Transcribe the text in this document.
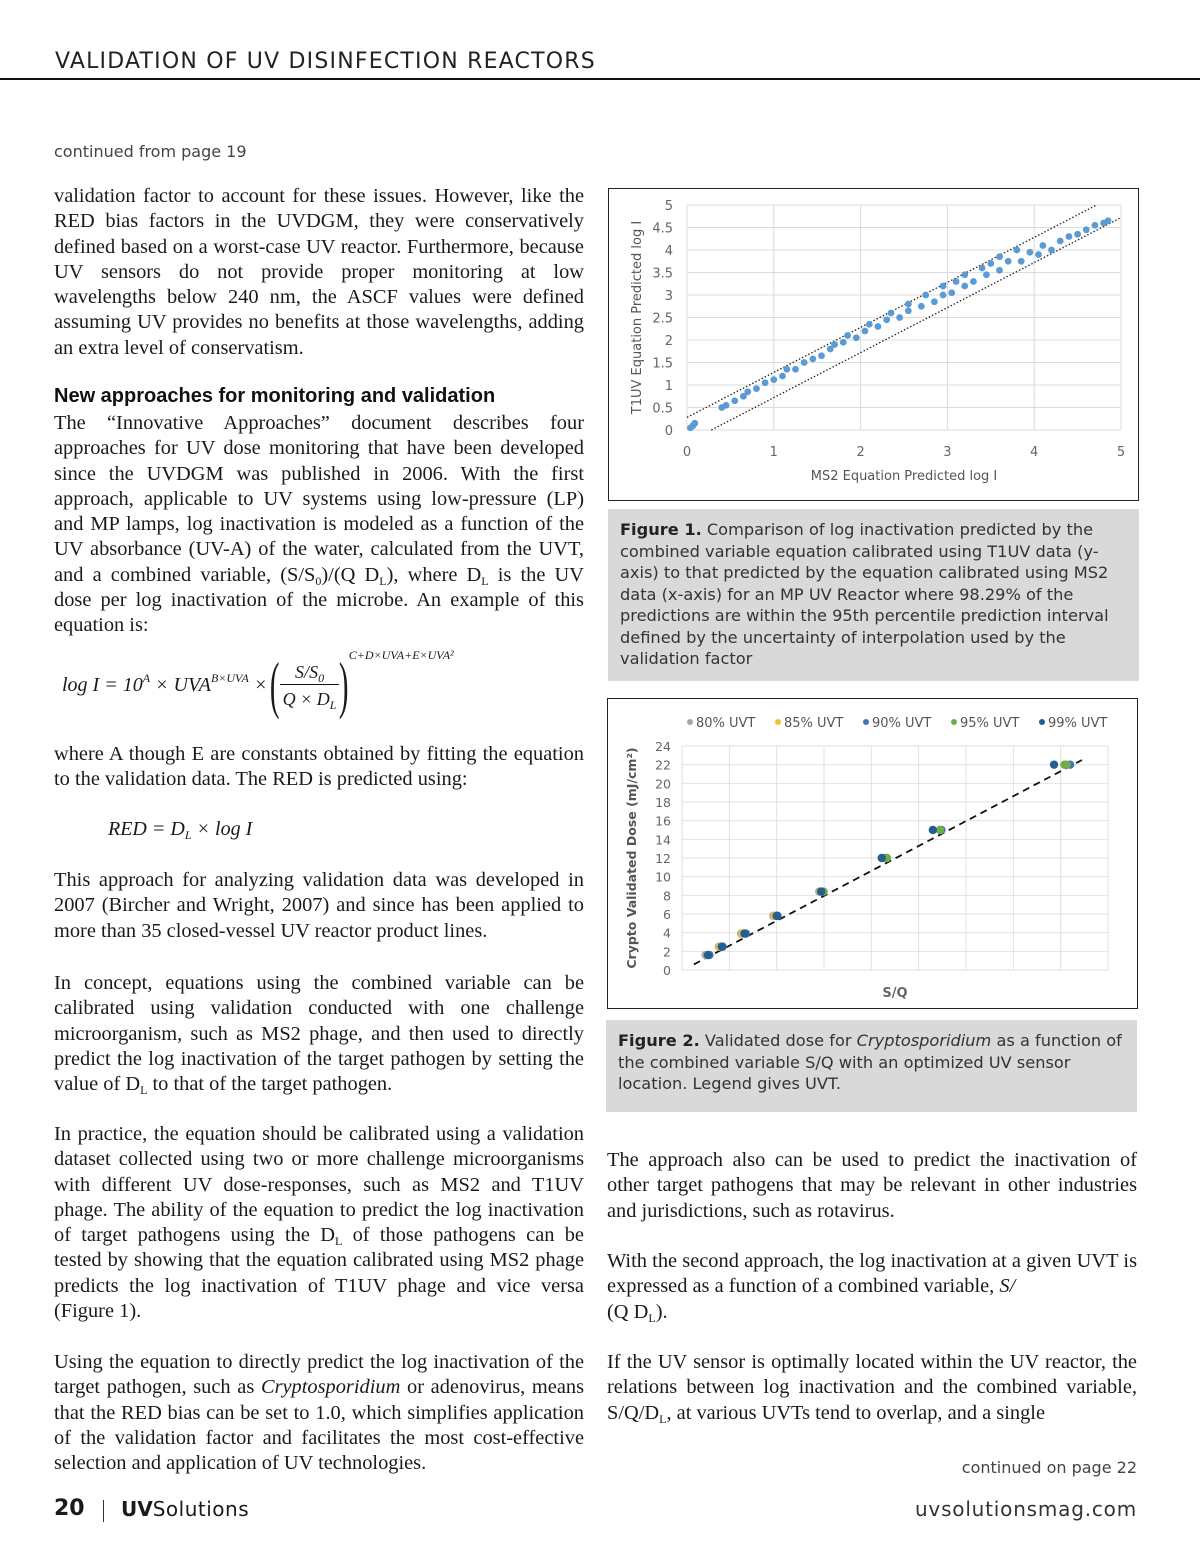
VALIDATION OF UV DISINFECTION REACTORS
continued from page 19
validation factor to account for these issues. However, like the RED bias factors in the UVDGM, they were conservatively defined based on a worst-case UV reactor. Furthermore, because UV sensors do not provide proper monitoring at low wavelengths below 240 nm, the ASCF values were defined assuming UV provides no benefits at those wavelengths, adding an extra level of conservatism.
New approaches for monitoring and validation
The “Innovative Approaches” document describes four approaches for UV dose monitoring that have been developed since the UVDGM was published in 2006. With the first approach, applicable to UV systems using low-pressure (LP) and MP lamps, log inactivation is modeled as a function of the UV absorbance (UV-A) of the water, calculated from the UVT, and a combined variable, $(S/S_0)/(Q$ $D_L$), where $D_L$ is the UV dose per log inactivation of the microbe. An example of this equation is:
$\log I = 10^A \times UVA^{B\times UVA}$ × ( $\frac{S/S_0}{Q \times D_L}$ ) C+D×UVA+E×UVA²
where A though E are constants obtained by fitting the equation to the validation data. The RED is predicted using:
RED = $D_L \times \log I$
This approach for analyzing validation data was developed in 2007 (Bircher and Wright, 2007) and since has been applied to more than 35 closed-vessel UV reactor product lines.
In concept, equations using the combined variable can be calibrated using validation conducted with one challenge microorganism, such as MS2 phage, and then used to directly predict the log inactivation of the target pathogen by setting the value of $D_L$ to that of the target pathogen.
In practice, the equation should be calibrated using a validation dataset collected using two or more challenge microorganisms with different UV dose-responses, such as MS2 and T1UV phage. The ability of the equation to predict the log inactivation of target pathogens using the $D_L$ of those pathogens can be tested by showing that the equation calibrated using MS2 phage predicts the log inactivation of T1UV phage and vice versa (Figure 1).
Using the equation to directly predict the log inactivation of the target pathogen, such as Cryptosporidium or adenovirus, means that the RED bias can be set to 1.0, which simplifies application of the validation factor and facilitates the most cost-effective selection and application of UV technologies.
0
0.5
1
1.5
2
2.5
3
3.5
4
4.5
5
0	1	2	3	4	5
MS2 Equation Predicted log I
T1UV Equation Predicted log I
Figure 1. Comparison of log inactivation predicted by the combined variable equation calibrated using T1UV data (y-axis) to that predicted by the equation calibrated using MS2 data (x-axis) for an MP UV Reactor where 98.29% of the predictions are within the 95th percentile prediction interval defined by the uncertainty of interpolation used by the validation factor
0
2
4
6
8
10
12
14
16
18
20
22
24
80% UVT 85% UVT 90% UVT 95% UVT 99% UVT
S/Q
Crypto Validated Dose (mJ/cm²)
Figure 2. Validated dose for Cryptosporidium as a function of the combined variable S/Q with an optimized UV sensor location. Legend gives UVT.
The approach also can be used to predict the inactivation of other target pathogens that may be relevant in other industries and jurisdictions, such as rotavirus.
With the second approach, the log inactivation at a given UVT is expressed as a function of a combined variable, S/
(Q $D_L$).
If the UV sensor is optimally located within the UV reactor, the relations between log inactivation and the combined variable, $S/Q/D_L$, at various UVTs tend to overlap, and a single
continued on page 22
20 UVSolutions	uvsolutionsmag.com
